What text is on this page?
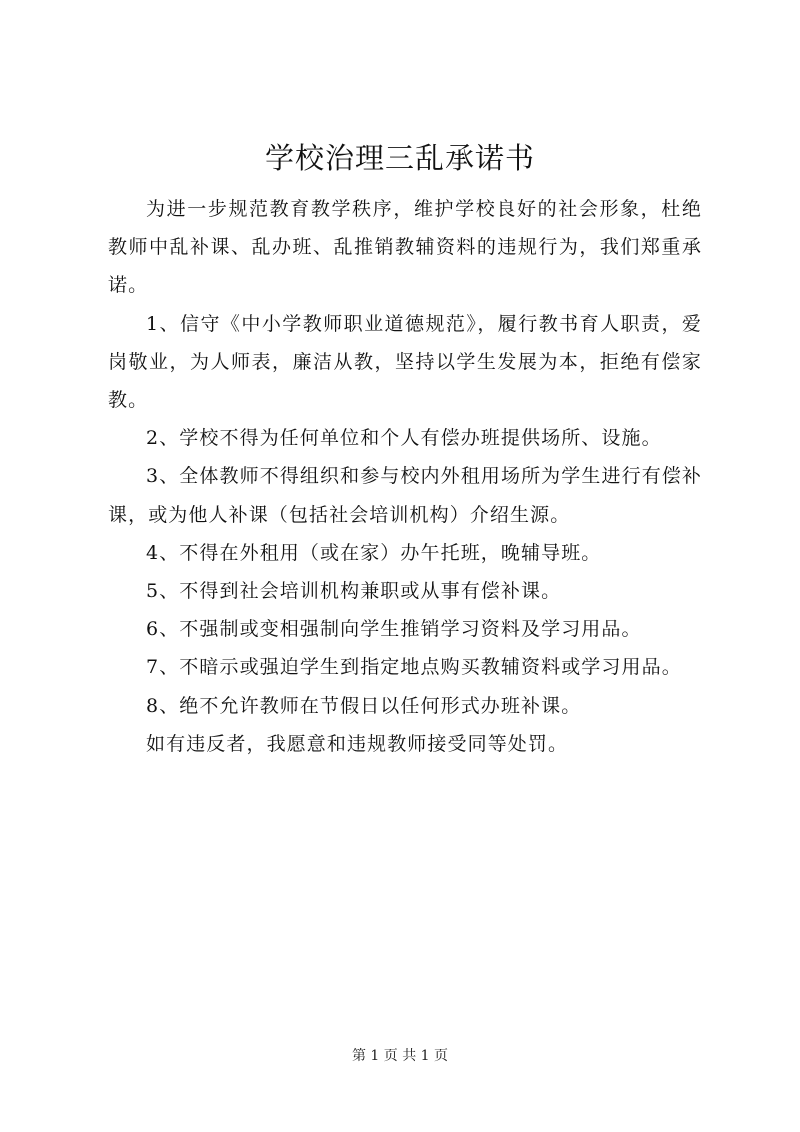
学校治理三乱承诺书

为进一步规范教育教学秩序，维护学校良好的社会形象，杜绝教师中乱补课、乱办班、乱推销教辅资料的违规行为，我们郑重承诺。

1、信守《中小学教师职业道德规范》，履行教书育人职责，爱岗敬业，为人师表，廉洁从教，坚持以学生发展为本，拒绝有偿家教。

2、学校不得为任何单位和个人有偿办班提供场所、设施。

3、全体教师不得组织和参与校内外租用场所为学生进行有偿补课，或为他人补课（包括社会培训机构）介绍生源。

4、不得在外租用（或在家）办午托班，晚辅导班。

5、不得到社会培训机构兼职或从事有偿补课。

6、不强制或变相强制向学生推销学习资料及学习用品。

7、不暗示或强迫学生到指定地点购买教辅资料或学习用品。

8、绝不允许教师在节假日以任何形式办班补课。

如有违反者，我愿意和违规教师接受同等处罚。

第 1 页 共 1 页
